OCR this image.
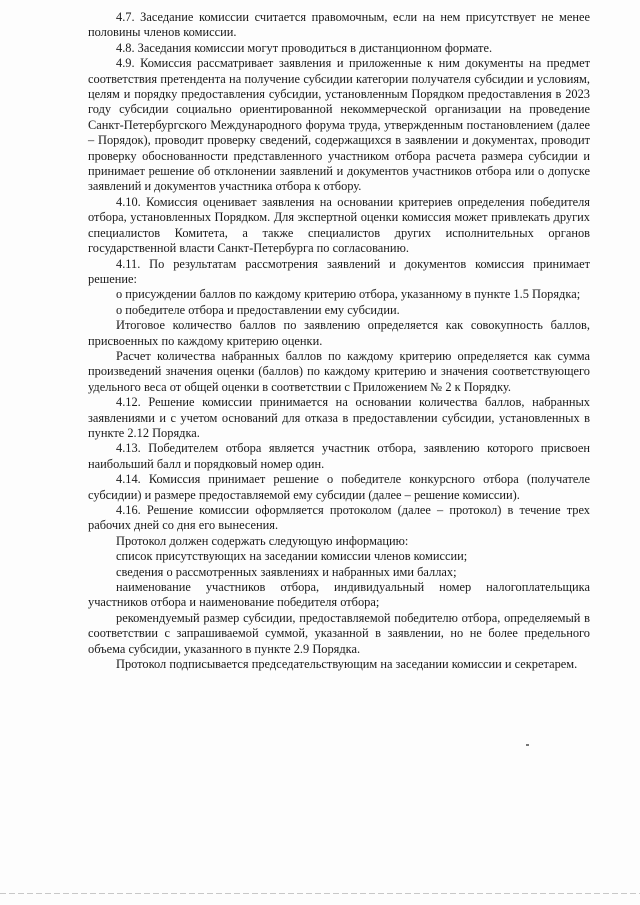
4.7. Заседание комиссии считается правомочным, если на нем присутствует не менее половины членов комиссии.

4.8. Заседания комиссии могут проводиться в дистанционном формате.

4.9. Комиссия рассматривает заявления и приложенные к ним документы на предмет соответствия претендента на получение субсидии категории получателя субсидии и условиям, целям и порядку предоставления субсидии, установленным Порядком предоставления в 2023 году субсидии социально ориентированной некоммерческой организации на проведение Санкт-Петербургского Международного форума труда, утвержденным постановлением (далее – Порядок), проводит проверку сведений, содержащихся в заявлении и документах, проводит проверку обоснованности представленного участником отбора расчета размера субсидии и принимает решение об отклонении заявлений и документов участников отбора или о допуске заявлений и документов участника отбора к отбору.

4.10. Комиссия оценивает заявления на основании критериев определения победителя отбора, установленных Порядком. Для экспертной оценки комиссия может привлекать других специалистов Комитета, а также специалистов других исполнительных органов государственной власти Санкт-Петербурга по согласованию.

4.11. По результатам рассмотрения заявлений и документов комиссия принимает решение:

о присуждении баллов по каждому критерию отбора, указанному в пункте 1.5 Порядка;

о победителе отбора и предоставлении ему субсидии.

Итоговое количество баллов по заявлению определяется как совокупность баллов, присвоенных по каждому критерию оценки.

Расчет количества набранных баллов по каждому критерию определяется как сумма произведений значения оценки (баллов) по каждому критерию и значения соответствующего удельного веса от общей оценки в соответствии с Приложением № 2 к Порядку.

4.12. Решение комиссии принимается на основании количества баллов, набранных заявлениями и с учетом оснований для отказа в предоставлении субсидии, установленных в пункте 2.12 Порядка.

4.13. Победителем отбора является участник отбора, заявлению которого присвоен наибольший балл и порядковый номер один.

4.14. Комиссия принимает решение о победителе конкурсного отбора (получателе субсидии) и размере предоставляемой ему субсидии (далее – решение комиссии).

4.16. Решение комиссии оформляется протоколом (далее – протокол) в течение трех рабочих дней со дня его вынесения.

Протокол должен содержать следующую информацию:

список присутствующих на заседании комиссии членов комиссии;

сведения о рассмотренных заявлениях и набранных ими баллах;

наименование участников отбора, индивидуальный номер налогоплательщика участников отбора и наименование победителя отбора;

рекомендуемый размер субсидии, предоставляемой победителю отбора, определяемый в соответствии с запрашиваемой суммой, указанной в заявлении, но не более предельного объема субсидии, указанного в пункте 2.9 Порядка.

Протокол подписывается председательствующим на заседании комиссии и секретарем.
